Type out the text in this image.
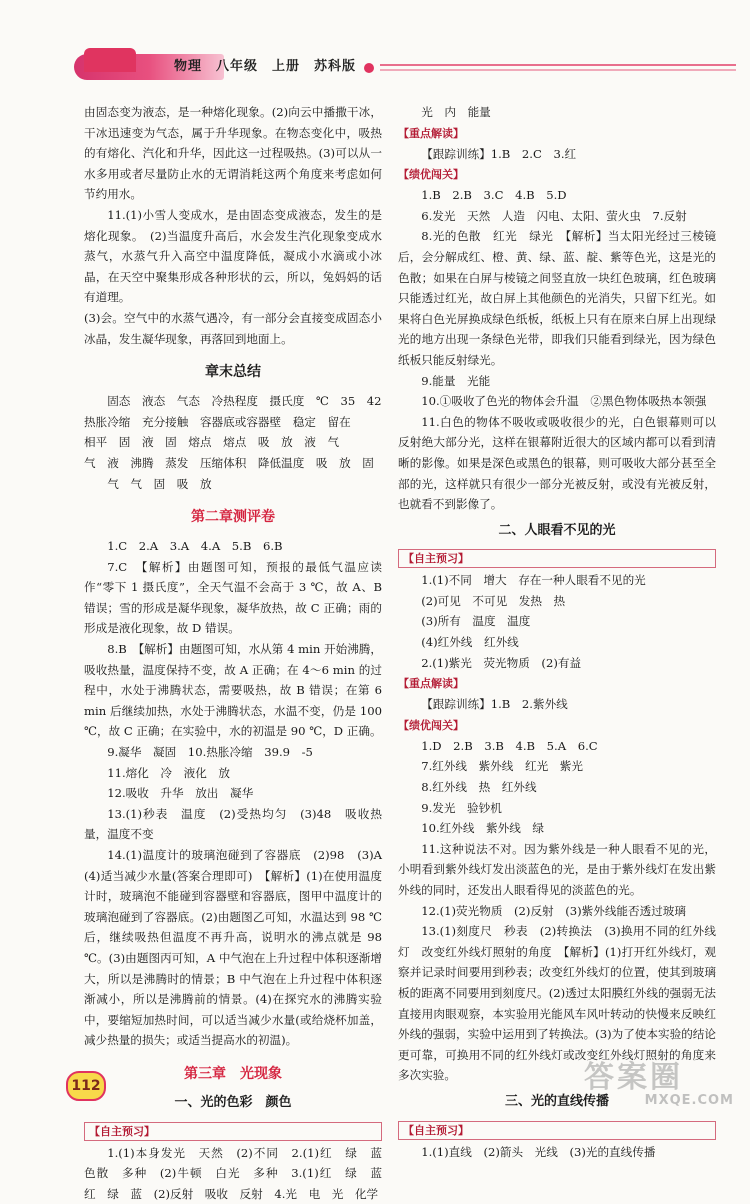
物理　八年级　上册　苏科版

由固态变为液态，是一种熔化现象。(2)向云中播撒干冰，干冰迅速变为气态，属于升华现象。在物态变化中，吸热的有熔化、汽化和升华，因此这一过程吸热。(3)可以从一水多用或者尽量防止水的无谓消耗这两个角度来考虑如何节约用水。

11.(1)小雪人变成水，是由固态变成液态，发生的是熔化现象。　(2)当温度升高后，水会发生汽化现象变成水蒸气，水蒸气升入高空中温度降低，凝成小水滴或小冰晶，在天空中聚集形成各种形状的云，所以，兔妈妈的话有道理。

(3)会。空气中的水蒸气遇冷，有一部分会直接变成固态小冰晶，发生凝华现象，再落回到地面上。

章末总结

固态　液态　气态　冷热程度　摄氏度　℃　35　42

热胀冷缩　充分接触　容器底或容器壁　稳定　留在

相平　固　液　固　熔点　熔点　吸　放　液　气

气　液　沸腾　蒸发　压缩体积　降低温度　吸　放　固

　　气　气　固　吸　放

第二章测评卷

1.C　2.A　3.A　4.A　5.B　6.B

7.C　【解析】由题图可知，预报的最低气温应读作“零下 1 摄氏度”，全天气温不会高于 3 ℃，故 A、B 错误；雪的形成是凝华现象，凝华放热，故 C 正确；雨的形成是液化现象，故 D 错误。

8.B　【解析】由题图可知，水从第 4 min 开始沸腾，吸收热量，温度保持不变，故 A 正确；在 4～6 min 的过程中，水处于沸腾状态，需要吸热，故 B 错误；在第 6 min 后继续加热，水处于沸腾状态，水温不变，仍是 100 ℃，故 C 正确；在实验中，水的初温是 90 ℃，D 正确。

9.凝华　凝固　10.热胀冷缩　39.9　-5

11.熔化　冷　液化　放

12.吸收　升华　放出　凝华

13.(1)秒表　温度　(2)受热均匀　(3)48　吸收热量，温度不变

14.(1)温度计的玻璃泡碰到了容器底　(2)98　(3)A　(4)适当减少水量(答案合理即可)　【解析】(1)在使用温度计时，玻璃泡不能碰到容器壁和容器底，图甲中温度计的玻璃泡碰到了容器底。(2)由题图乙可知，水温达到 98 ℃后，继续吸热但温度不再升高，说明水的沸点就是 98 ℃。(3)由题图丙可知，A 中气泡在上升过程中体积逐渐增大，所以是沸腾时的情景；B 中气泡在上升过程中体积逐渐减小，所以是沸腾前的情景。(4)在探究水的沸腾实验中，要缩短加热时间，可以适当减少水量(或给烧杯加盖，减少热量的损失；或适当提高水的初温)。

第三章　光现象
一、光的色彩　颜色
【自主预习】

1.(1)本身发光　天然　(2)不同　2.(1)红　绿　蓝　色散　多种　(2)牛顿　白光　多种　3.(1)红　绿　蓝　红　绿　蓝　(2)反射　吸收　反射　4.光　电　光　化学

光　内　能量

【重点解读】

【跟踪训练】1.B　2.C　3.红

【绩优闯关】

1.B　2.B　3.C　4.B　5.D

6.发光　天然　人造　闪电、太阳、萤火虫　7.反射

8.光的色散　红光　绿光　【解析】当太阳光经过三棱镜后，会分解成红、橙、黄、绿、蓝、靛、紫等色光，这是光的色散；如果在白屏与棱镜之间竖直放一块红色玻璃，红色玻璃只能透过红光，故白屏上其他颜色的光消失，只留下红光。如果将白色光屏换成绿色纸板，纸板上只有在原来白屏上出现绿光的地方出现一条绿色光带，即我们只能看到绿光，因为绿色纸板只能反射绿光。

9.能量　光能

10.①吸收了色光的物体会升温　②黑色物体吸热本领强

11.白色的物体不吸收或吸收很少的光，白色银幕则可以反射绝大部分光，这样在银幕附近很大的区域内都可以看到清晰的影像。如果是深色或黑色的银幕，则可吸收大部分甚至全部的光，这样就只有很少一部分光被反射，或没有光被反射，也就看不到影像了。

二、人眼看不见的光
【自主预习】

1.(1)不同　增大　存在一种人眼看不见的光

(2)可见　不可见　发热　热

(3)所有　温度　温度

(4)红外线　红外线

2.(1)紫光　荧光物质　(2)有益

【重点解读】

【跟踪训练】1.B　2.紫外线

【绩优闯关】

1.D　2.B　3.B　4.B　5.A　6.C

7.红外线　紫外线　红光　紫光

8.红外线　热　红外线

9.发光　验钞机

10.红外线　紫外线　绿

11.这种说法不对。因为紫外线是一种人眼看不见的光，小明看到紫外线灯发出淡蓝色的光，是由于紫外线灯在发出紫外线的同时，还发出人眼看得见的淡蓝色的光。

12.(1)荧光物质　(2)反射　(3)紫外线能否透过玻璃

13.(1)刻度尺　秒表　(2)转换法　(3)换用不同的红外线灯　改变红外线灯照射的角度　【解析】(1)打开红外线灯，观察并记录时间要用到秒表；改变红外线灯的位置，使其到玻璃板的距离不同要用到刻度尺。(2)透过太阳膜红外线的强弱无法直接用肉眼观察，本实验用光能风车风叶转动的快慢来反映红外线的强弱，实验中运用到了转换法。(3)为了使本实验的结论更可靠，可换用不同的红外线灯或改变红外线灯照射的角度来多次实验。

三、光的直线传播
【自主预习】

1.(1)直线　(2)箭头　光线　(3)光的直线传播

112	答案圈
MXQE.COM
